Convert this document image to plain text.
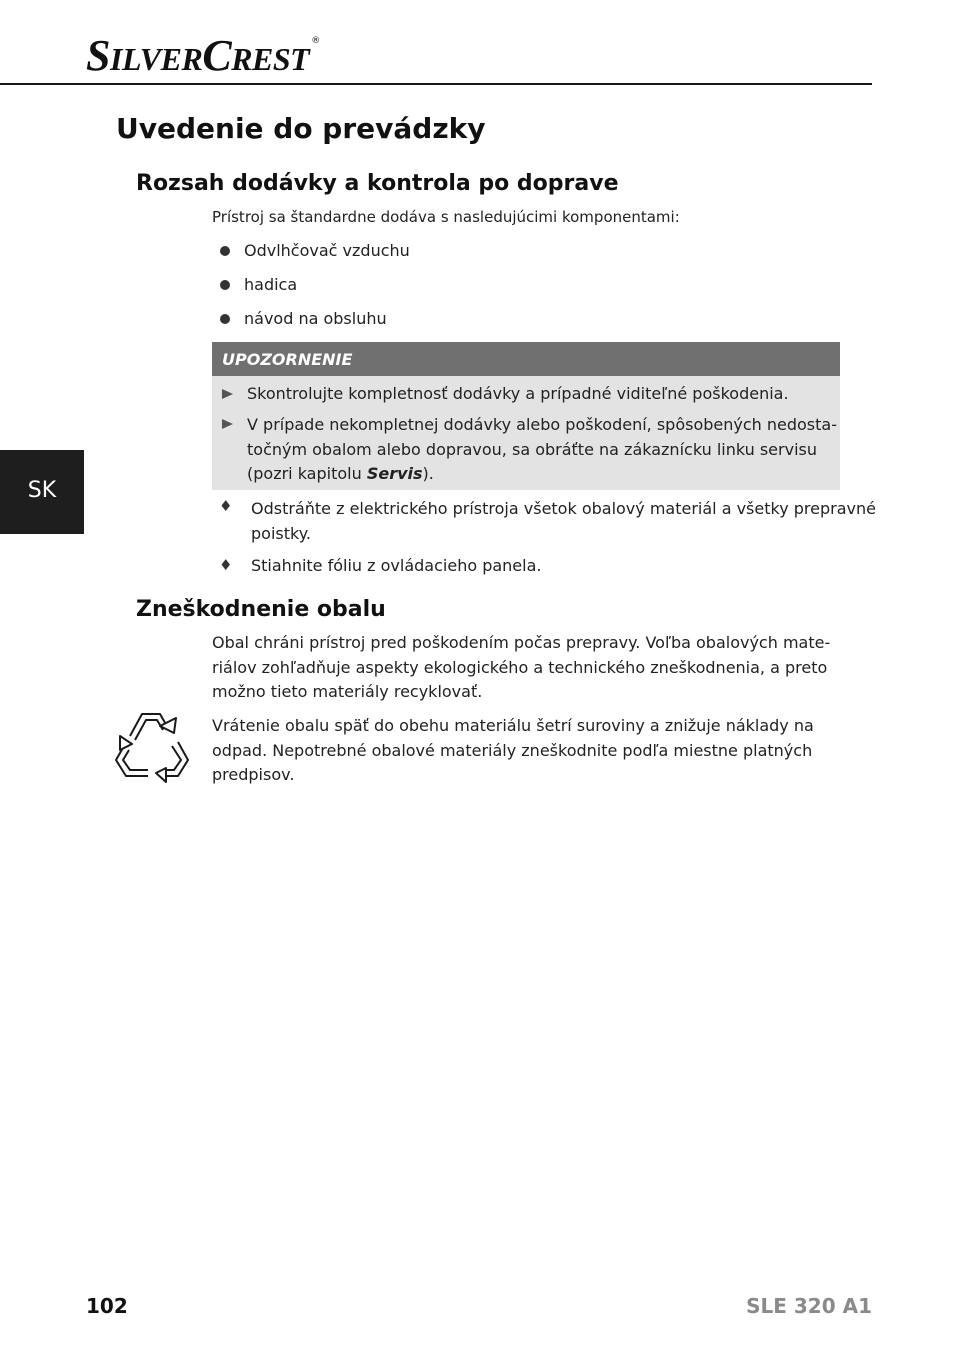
SILVERCREST ®
Uvedenie do prevádzky
Rozsah dodávky a kontrola po doprave
Prístroj sa štandardne dodáva s nasledujúcimi komponentami:
Odvlhčovač vzduchu
hadica
návod na obsluhu
UPOZORNENIE
Skontrolujte kompletnosť dodávky a prípadné viditeľné poškodenia.
V prípade nekompletnej dodávky alebo poškodení, spôsobených nedosta-
točným obalom alebo dopravou, sa obráťte na zákaznícku linku servisu
(pozri kapitolu Servis).
♦ Odstráňte z elektrického prístroja všetok obalový materiál a všetky prepravné
poistky.
♦ Stiahnite fóliu z ovládacieho panela.
Zneškodnenie obalu
Obal chráni prístroj pred poškodením počas prepravy. Voľba obalových mate-
riálov zohľadňuje aspekty ekologického a technického zneškodnenia, a preto
možno tieto materiály recyklovať.
Vrátenie obalu späť do obehu materiálu šetrí suroviny a znižuje náklady na
odpad. Nepotrebné obalové materiály zneškodnite podľa miestne platných
predpisov.
SK
102	SLE 320 A1
